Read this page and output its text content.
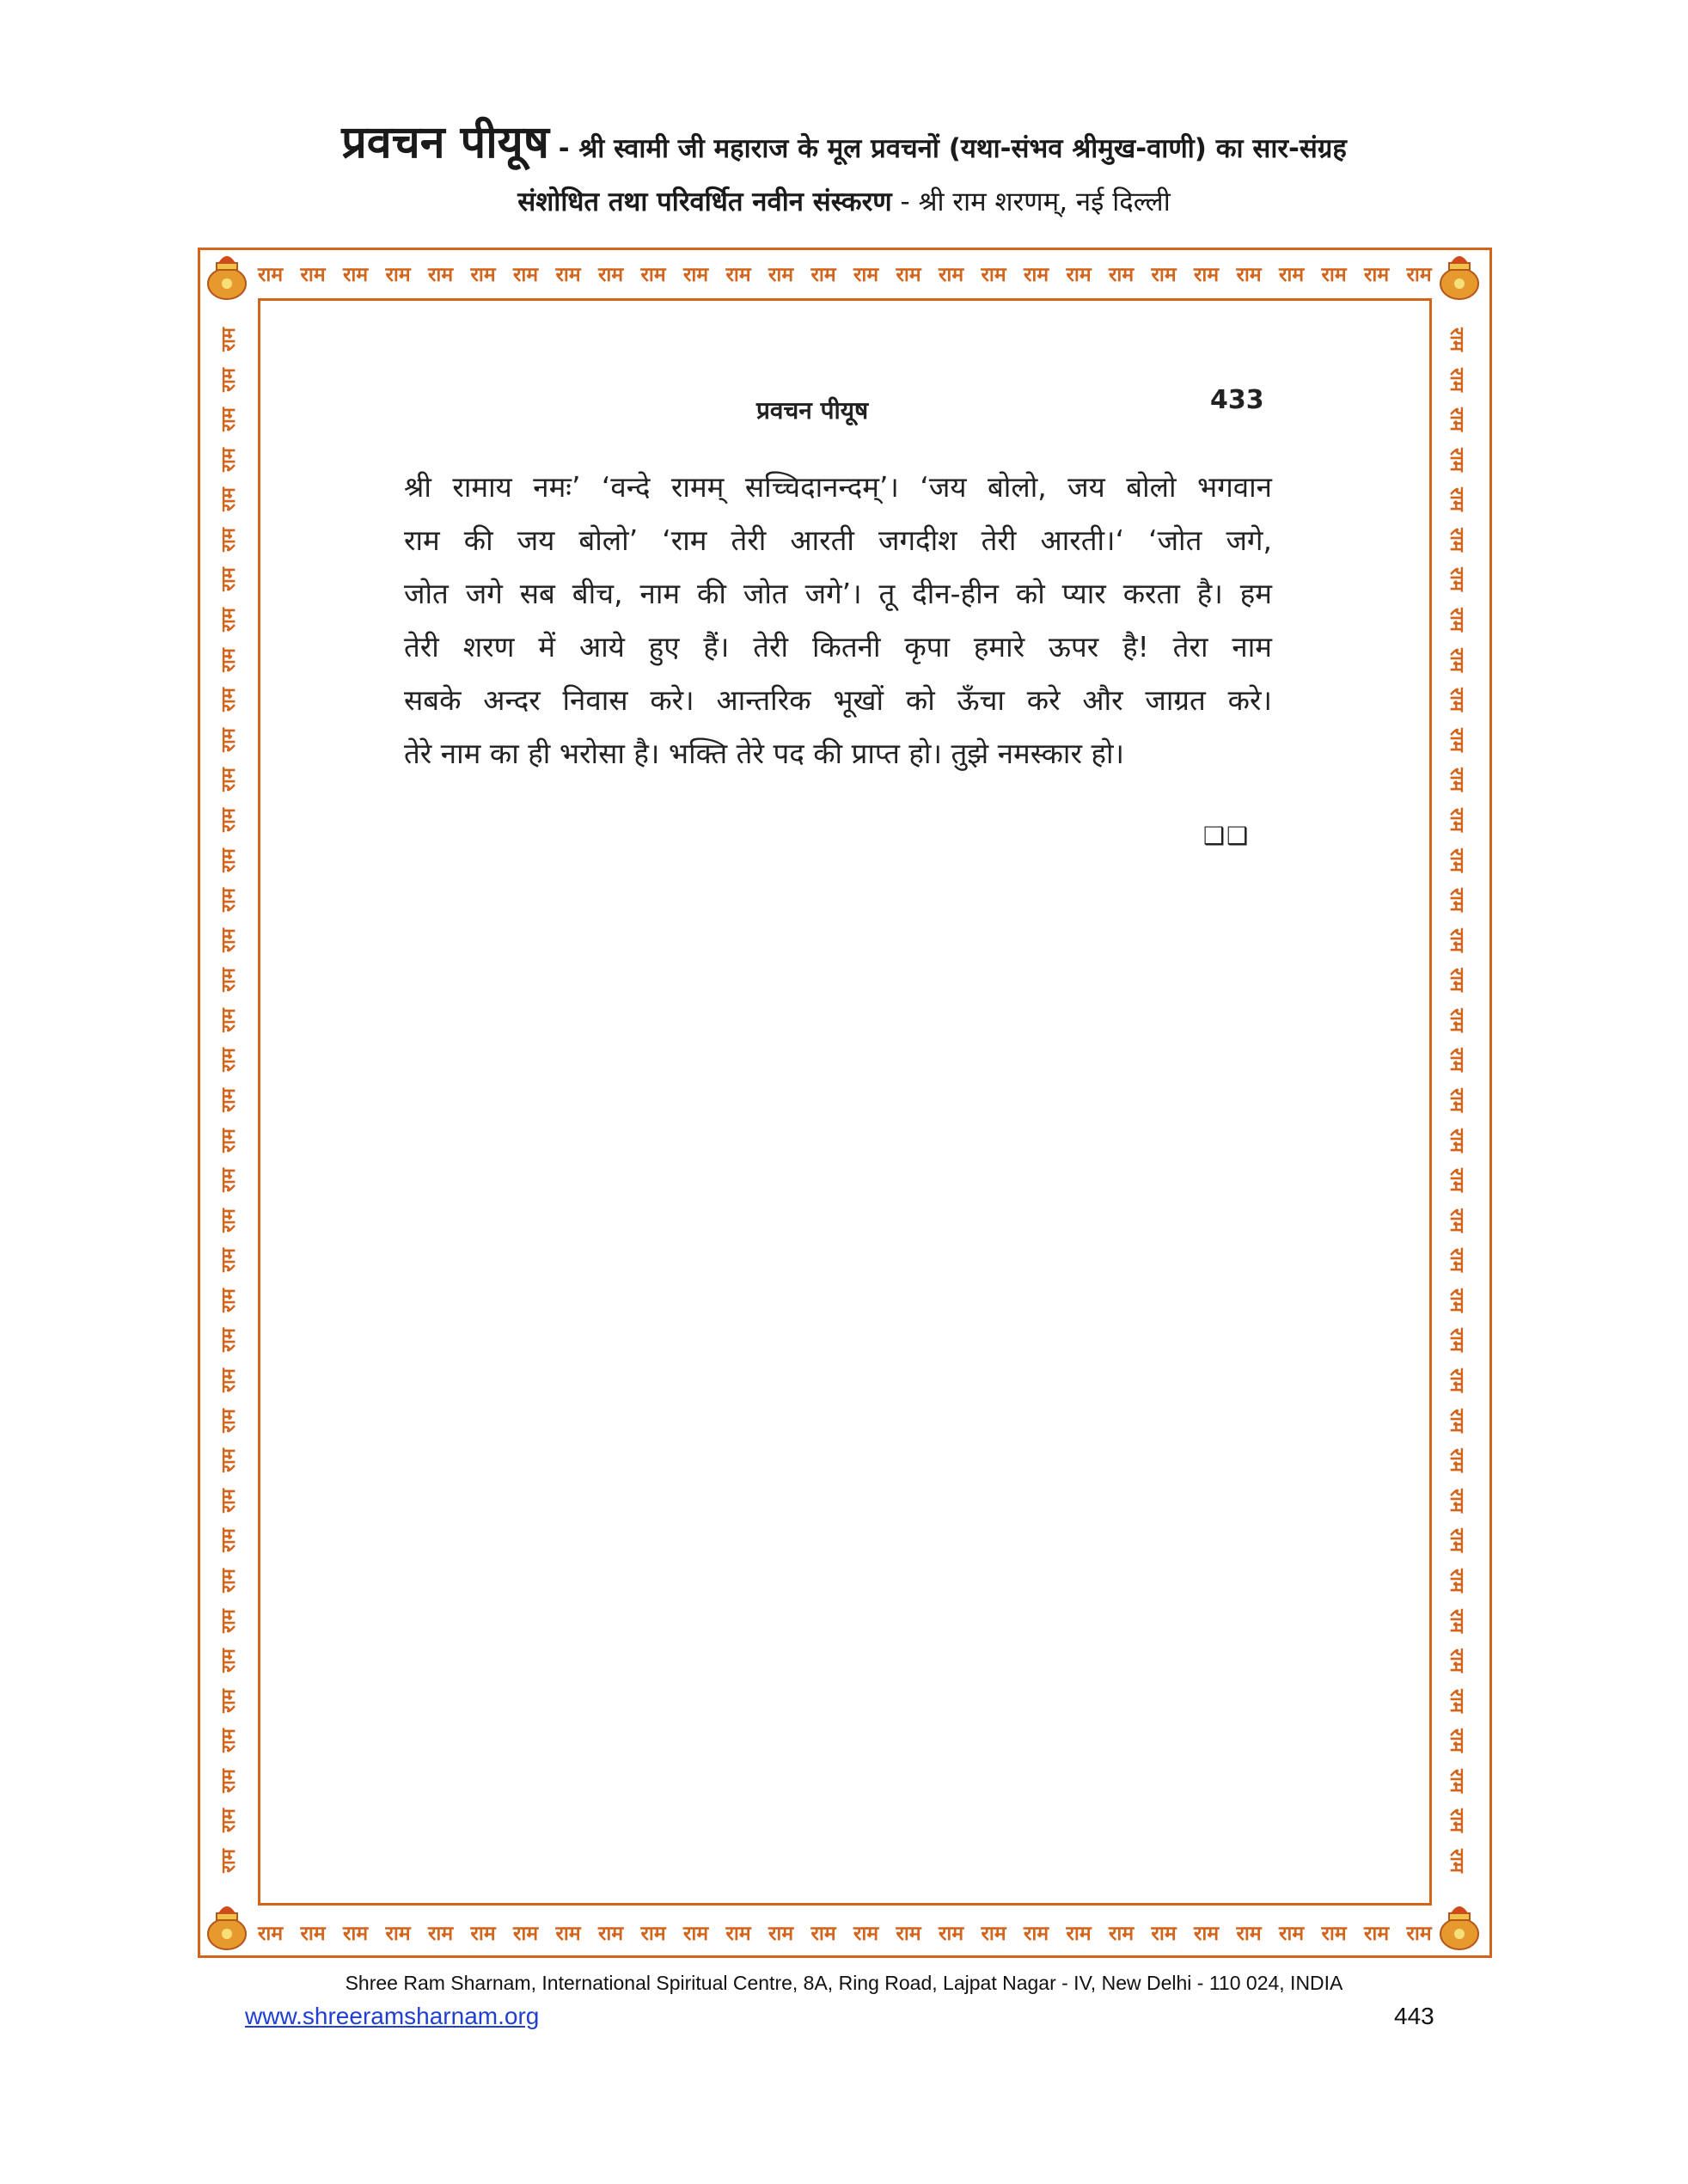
प्रवचन पीयूष - श्री स्वामी जी महाराज के मूल प्रवचनों (यथा-संभव श्रीमुख-वाणी) का सार-संग्रह
संशोधित तथा परिवर्धित नवीन संस्करण - श्री राम शरणम्, नई दिल्ली
राम राम राम राम राम राम राम राम राम राम राम राम राम राम राम राम राम राम राम राम राम राम राम राम राम राम राम राम
राम राम राम राम राम राम राम राम राम राम राम राम राम राम राम राम राम राम राम राम राम राम राम राम राम राम राम राम
राम
राम
राम
राम
राम
राम
राम
राम
राम
राम
राम
राम
राम
राम
राम
राम
राम
राम
राम
राम
राम
राम
राम
राम
राम
राम
राम
राम
राम
राम
राम
राम
राम
राम
राम
राम
राम
राम
राम
राम
राम
राम
राम
राम
राम
राम
राम
राम
राम
राम
राम
राम
राम
राम
राम
राम
राम
राम
राम
राम
राम
राम
राम
राम
राम
राम
राम
राम
राम
राम
राम
राम
राम
राम
राम
राम
राम
राम
प्रवचन पीयूष	433
श्री रामाय नमः’ ‘वन्दे रामम् सच्चिदानन्दम्’। ‘जय बोलो, जय बोलो भगवान
राम की जय बोलो’ ‘राम तेरी आरती जगदीश तेरी आरती।‘ ‘जोत जगे,
जोत जगे सब बीच, नाम की जोत जगे’। तू दीन-हीन को प्यार करता है। हम
तेरी शरण में आये हुए हैं। तेरी कितनी कृपा हमारे ऊपर है! तेरा नाम
सबके अन्दर निवास करे। आन्तरिक भूखों को ऊँचा करे और जाग्रत करे।
तेरे नाम का ही भरोसा है। भक्ति तेरे पद की प्राप्त हो। तुझे नमस्कार हो।
❑❑
Shree Ram Sharnam, International Spiritual Centre, 8A, Ring Road, Lajpat Nagar - IV, New Delhi - 110 024, INDIA
www.shreeramsharnam.org	443
